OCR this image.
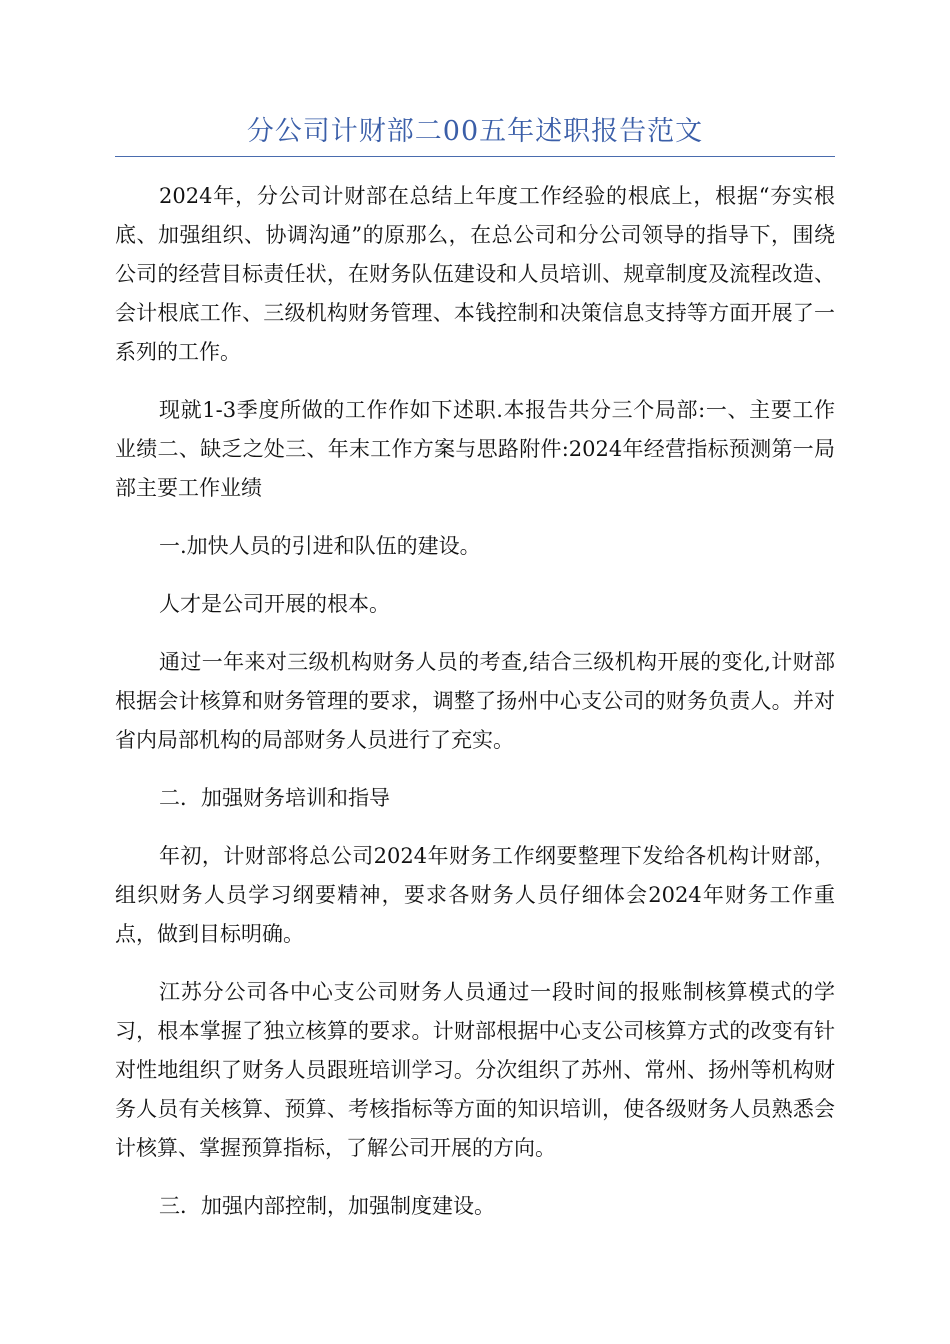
分公司计财部二00五年述职报告范文

2024年，分公司计财部在总结上年度工作经验的根底上，根据“夯实根底、加强组织、协调沟通”的原那么，在总公司和分公司领导的指导下，围绕公司的经营目标责任状，在财务队伍建设和人员培训、规章制度及流程改造、会计根底工作、三级机构财务管理、本钱控制和决策信息支持等方面开展了一系列的工作。

现就1-3季度所做的工作作如下述职.本报告共分三个局部:一、主要工作业绩二、缺乏之处三、年末工作方案与思路附件:2024年经营指标预测第一局部主要工作业绩

一.加快人员的引进和队伍的建设。

人才是公司开展的根本。

通过一年来对三级机构财务人员的考查,结合三级机构开展的变化,计财部根据会计核算和财务管理的要求，调整了扬州中心支公司的财务负责人。并对省内局部机构的局部财务人员进行了充实。

二．加强财务培训和指导

年初，计财部将总公司2024年财务工作纲要整理下发给各机构计财部，组织财务人员学习纲要精神，要求各财务人员仔细体会2024年财务工作重点，做到目标明确。

江苏分公司各中心支公司财务人员通过一段时间的报账制核算模式的学习，根本掌握了独立核算的要求。计财部根据中心支公司核算方式的改变有针对性地组织了财务人员跟班培训学习。分次组织了苏州、常州、扬州等机构财务人员有关核算、预算、考核指标等方面的知识培训，使各级财务人员熟悉会计核算、掌握预算指标，了解公司开展的方向。

三．加强内部控制，加强制度建设。
